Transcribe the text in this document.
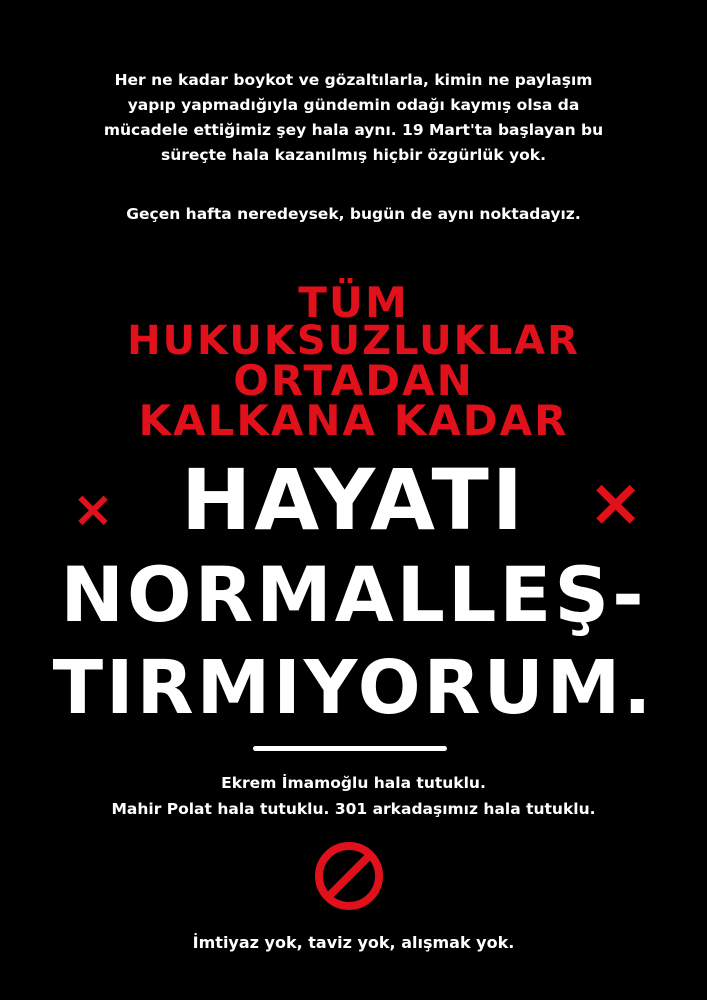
Her ne kadar boykot ve gözaltılarla, kimin ne paylaşım
yapıp yapmadığıyla gündemin odağı kaymış olsa da
mücadele ettiğimiz şey hala aynı. 19 Mart'ta başlayan bu
süreçte hala kazanılmış hiçbir özgürlük yok.
Geçen hafta neredeysek, bugün de aynı noktadayız.
TÜM
HUKUKSUZLUKLAR
ORTADAN
KALKANA KADAR
×	×
HAYATI
NORMALLEŞ-
TIRMIYORUM.
Ekrem İmamoğlu hala tutuklu.
Mahir Polat hala tutuklu. 301 arkadaşımız hala tutuklu.
İmtiyaz yok, taviz yok, alışmak yok.
